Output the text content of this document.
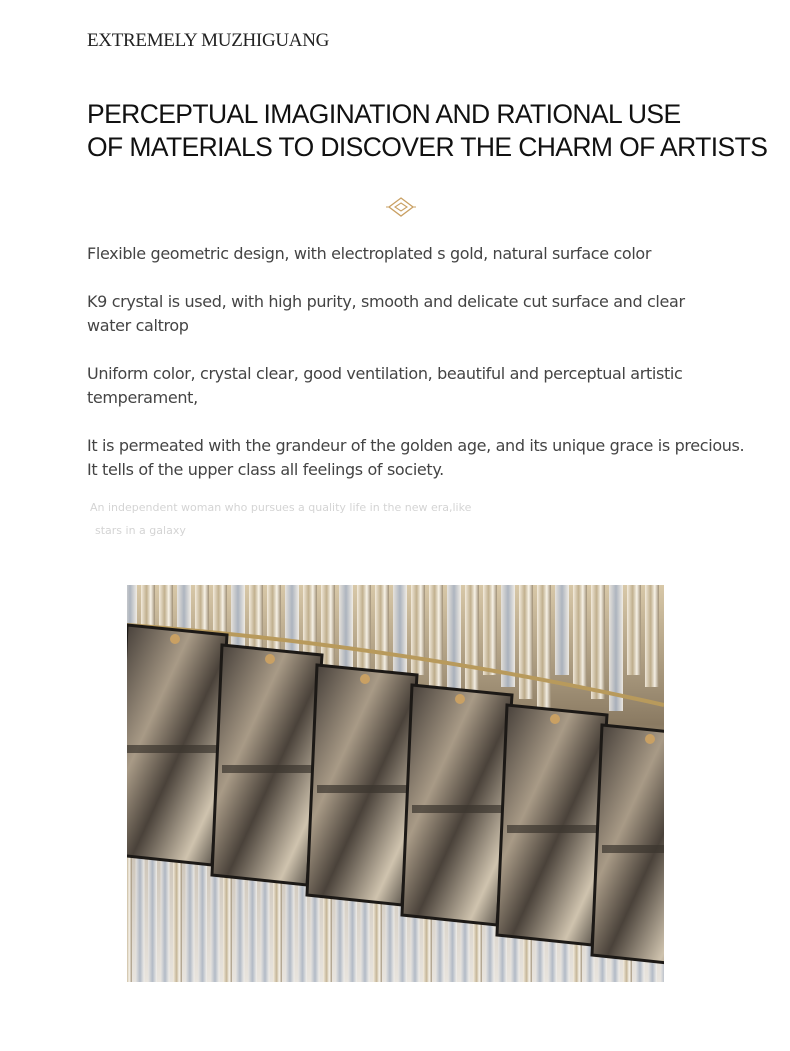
EXTREMELY MUZHIGUANG
PERCEPTUAL IMAGINATION AND RATIONAL USE
OF MATERIALS TO DISCOVER THE CHARM OF ARTISTS
Flexible geometric design, with electroplated s gold, natural surface color
K9 crystal is used, with high purity, smooth and delicate cut surface and clear
water caltrop
Uniform color, crystal clear, good ventilation, beautiful and perceptual artistic
temperament,
It is permeated with the grandeur of the golden age, and its unique grace is precious.
It tells of the upper class all feelings of society.
An independent woman who pursues a quality life in the new era,like
stars in a galaxy
